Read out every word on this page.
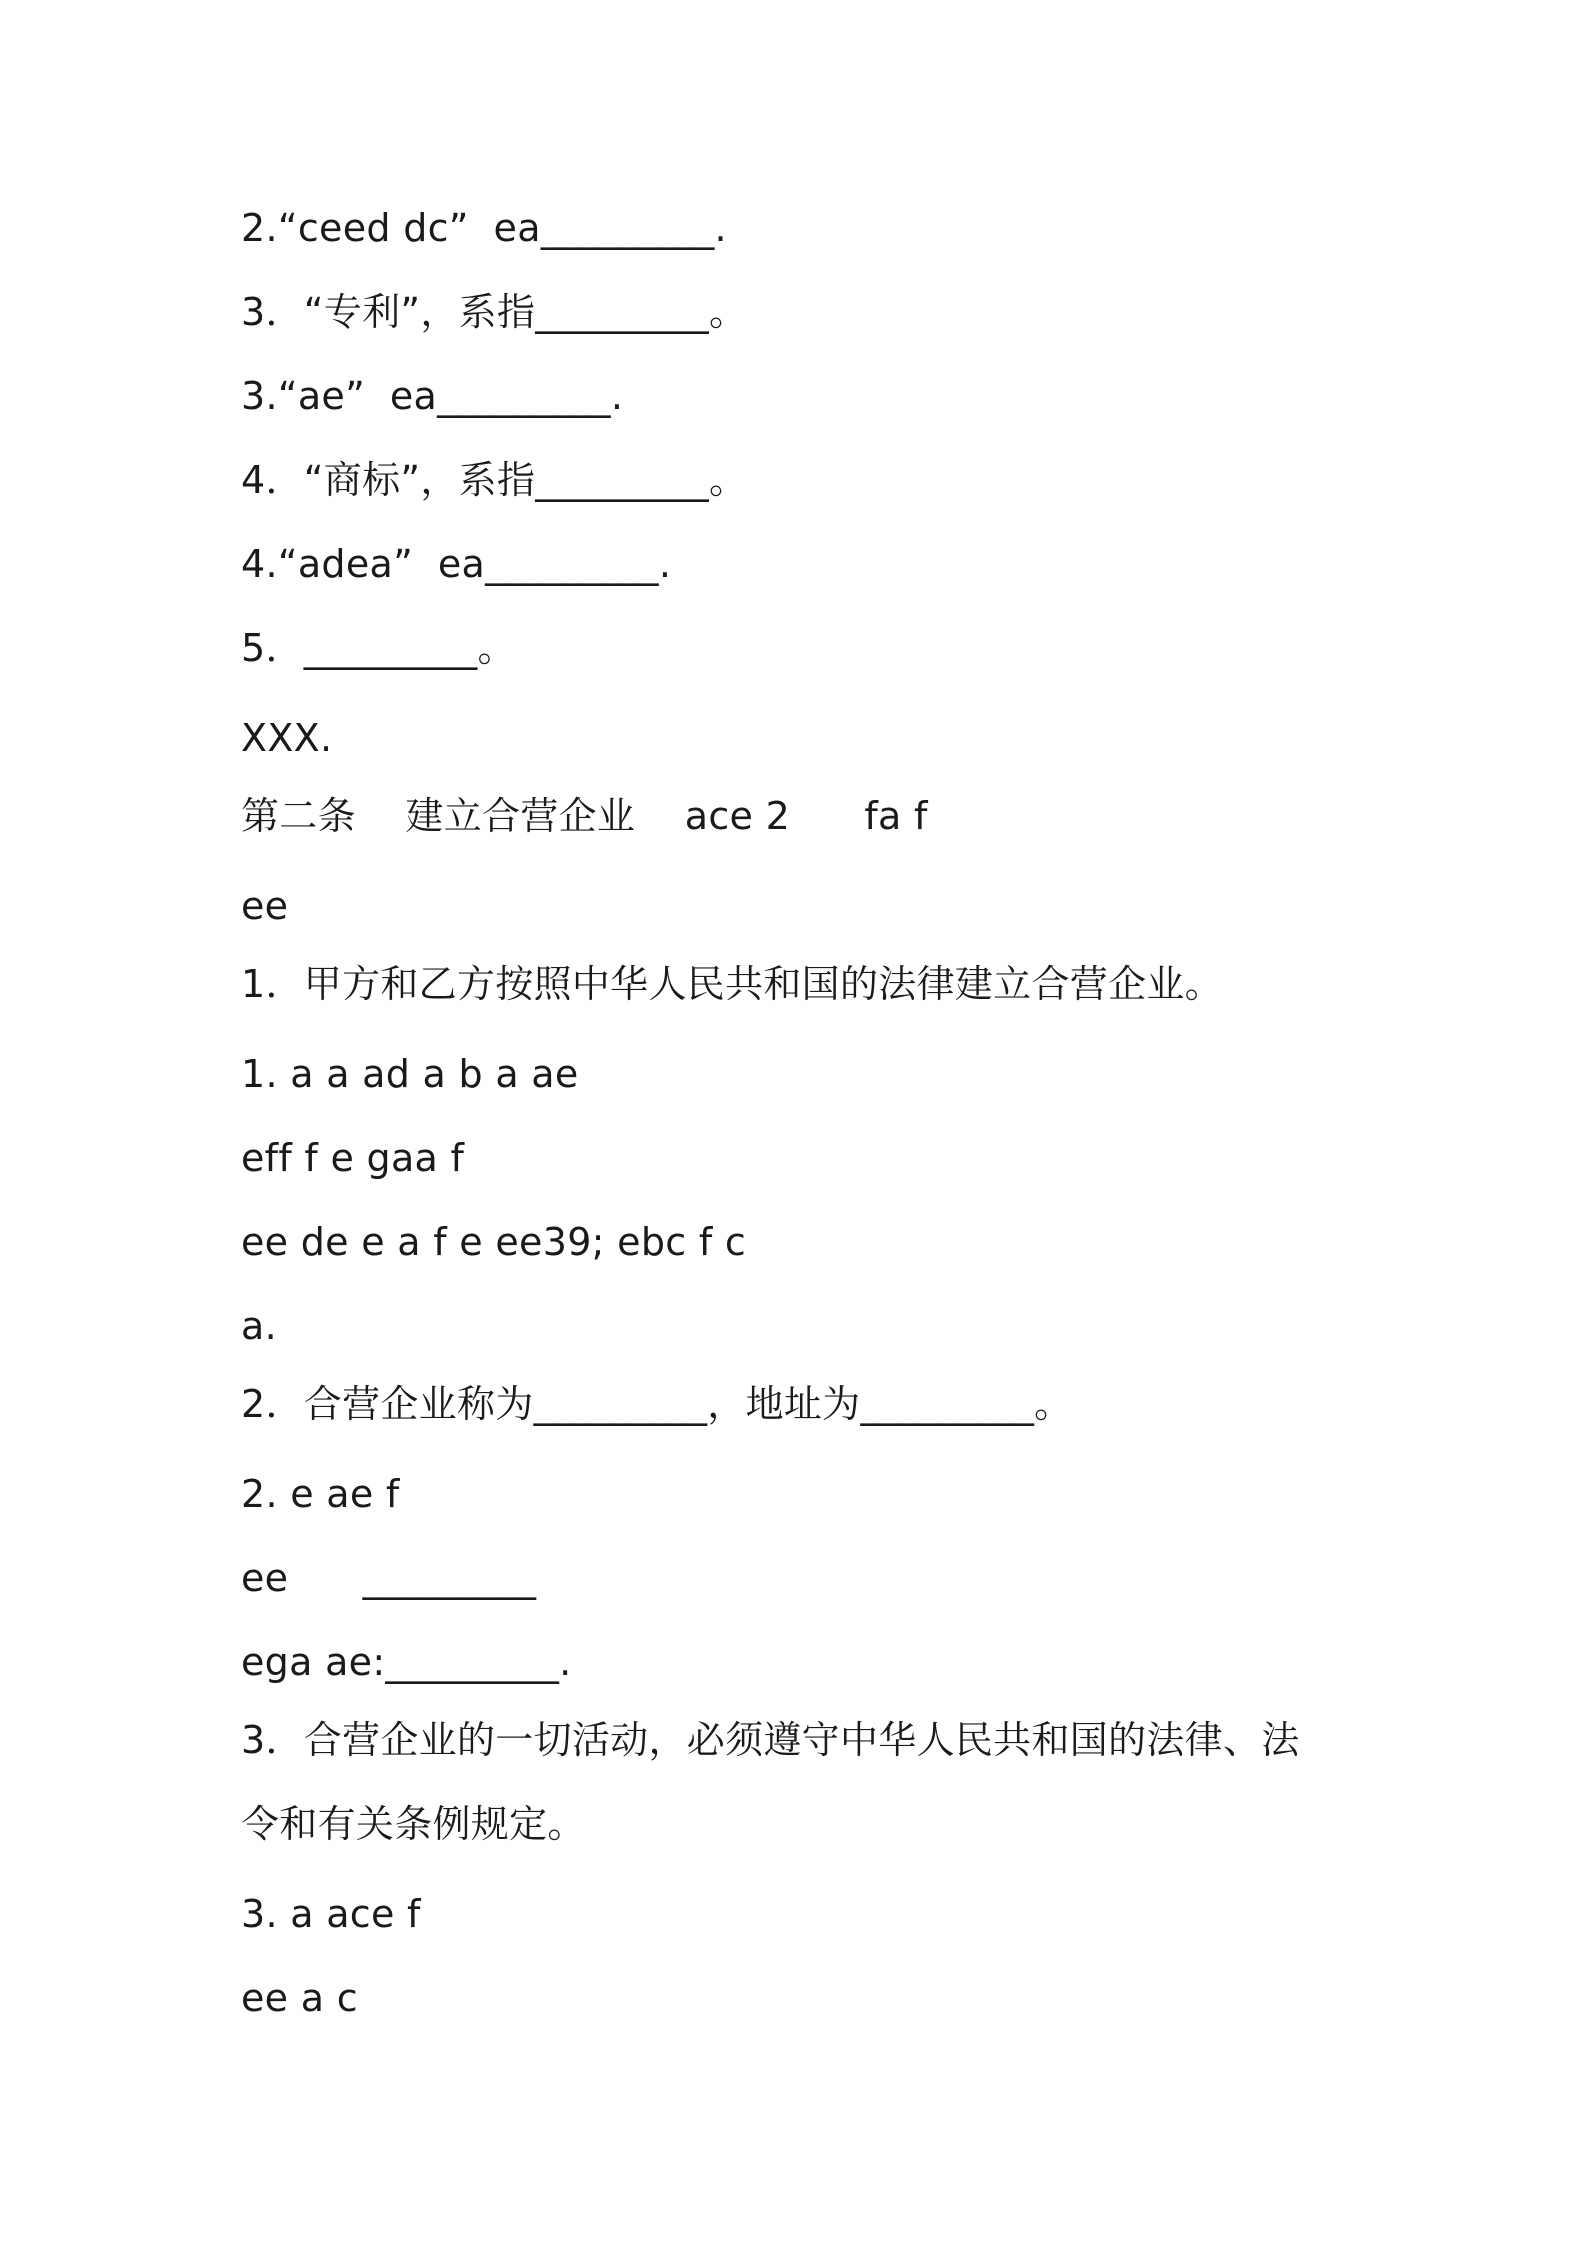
2.“ceed dc”  ea_________.
3．“专利”，系指_________。
3.“ae”  ea_________.
4．“商标”，系指_________。
4.“adea”  ea_________.
5．_________。
XXX.
第二条    建立合营企业    ace 2      fa f
ee
1．甲方和乙方按照中华人民共和国的法律建立合营企业。
1. a a ad a b a ae
eff f e gaa f
ee de e a f e ee39; ebc f c
a.
2．合营企业称为_________，地址为_________。
2. e ae f
ee      _________
ega ae:_________.
3．合营企业的一切活动，必须遵守中华人民共和国的法律、法
令和有关条例规定。
3. a ace f
ee a c
